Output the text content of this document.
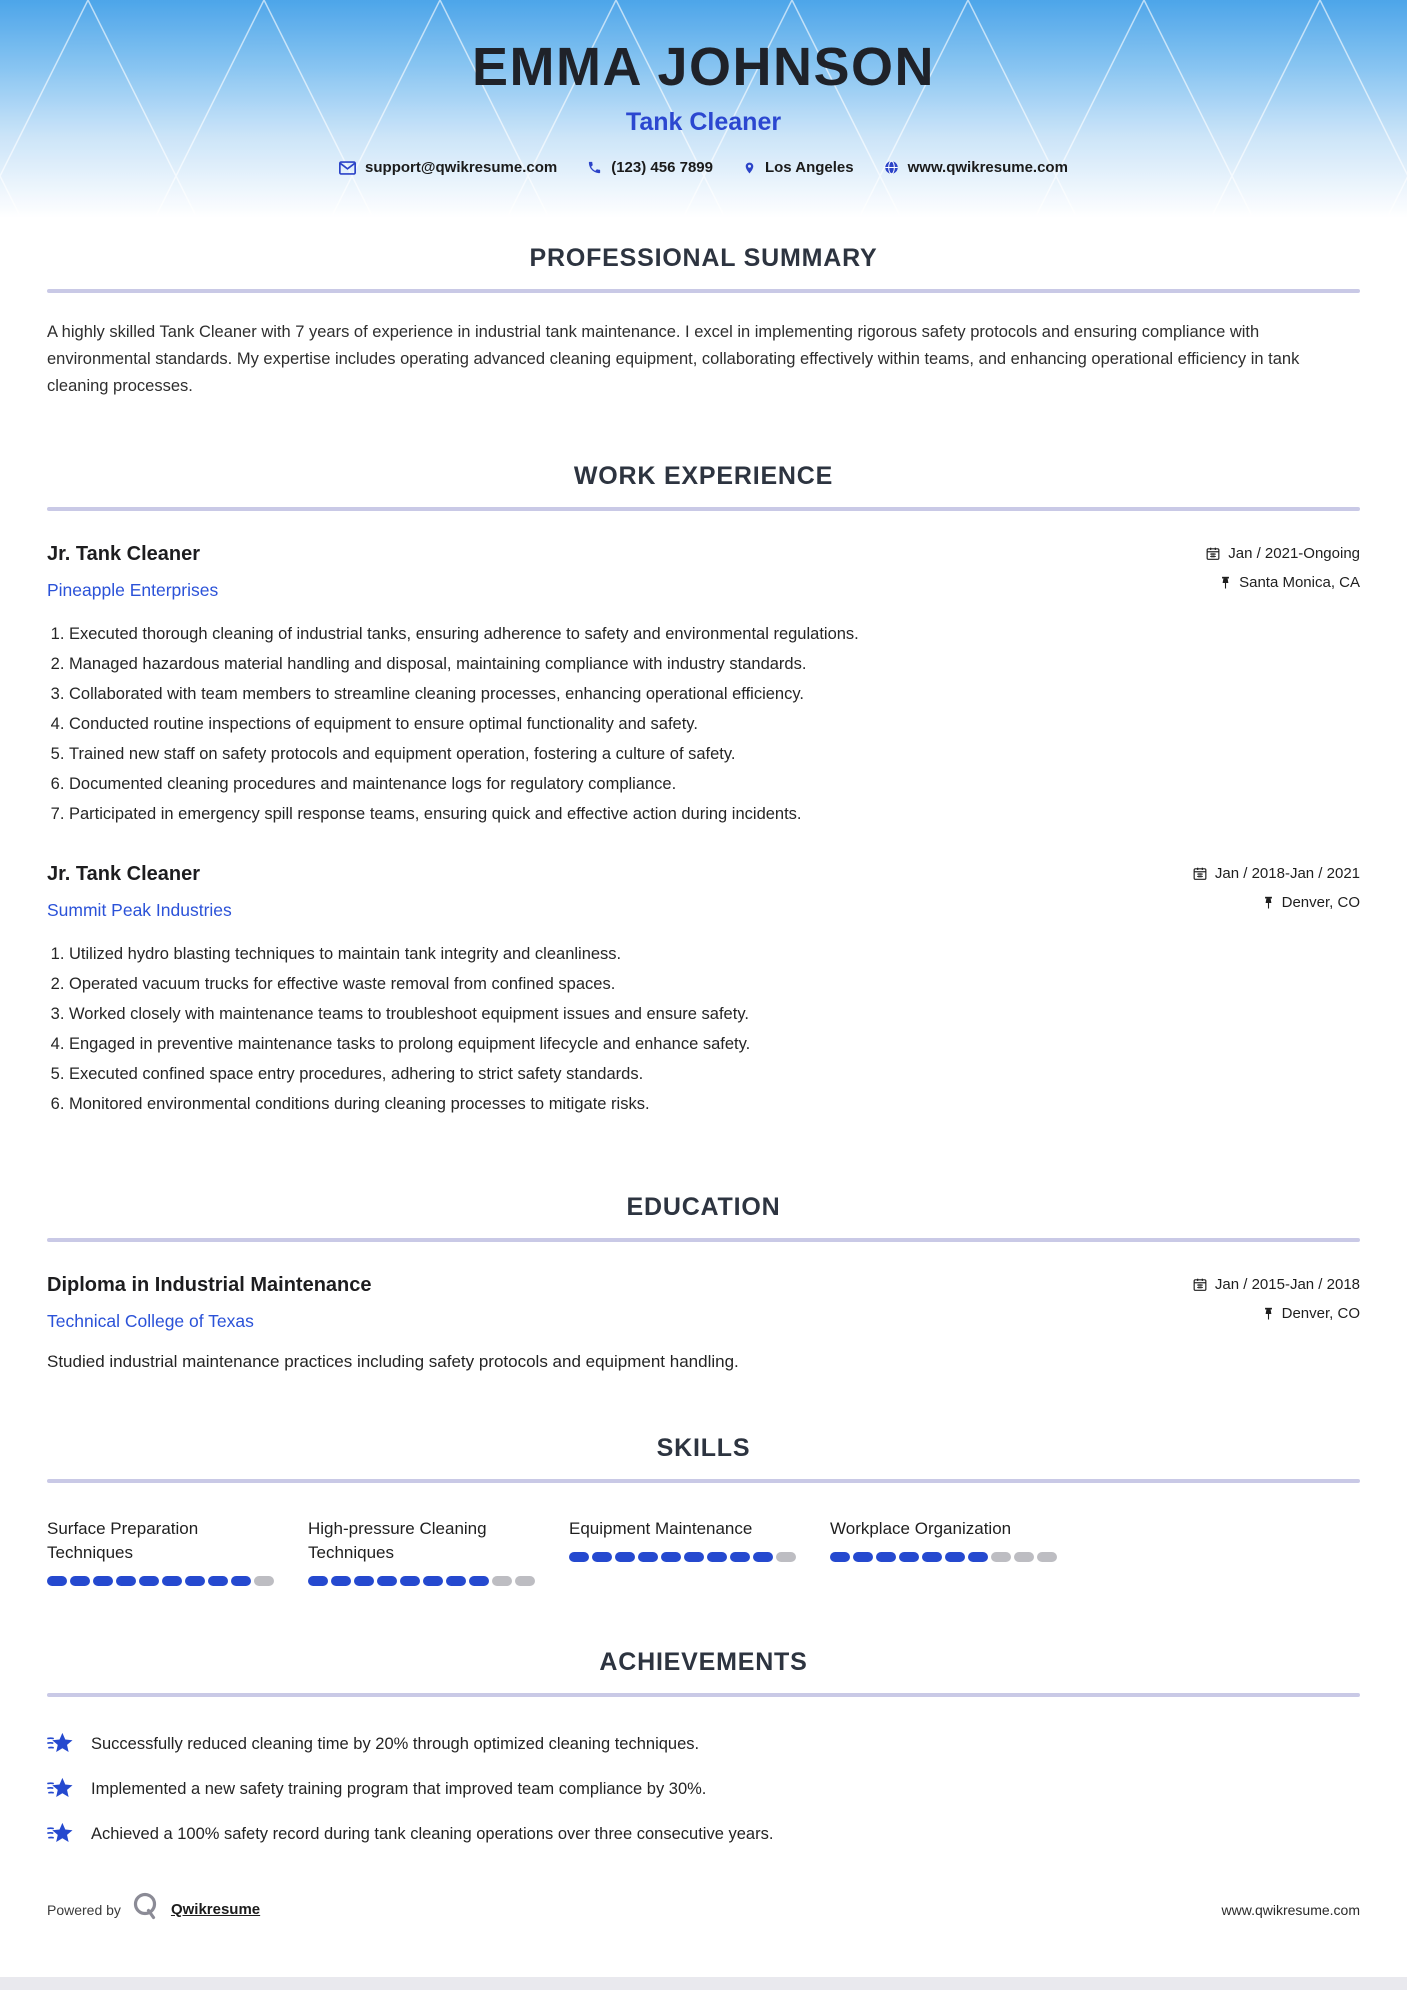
EMMA JOHNSON
Tank Cleaner
support@qwikresume.com	(123) 456 7899	Los Angeles	www.qwikresume.com
PROFESSIONAL SUMMARY

A highly skilled Tank Cleaner with 7 years of experience in industrial tank maintenance. I excel in implementing rigorous safety protocols and ensuring compliance with environmental standards. My expertise includes operating advanced cleaning equipment, collaborating effectively within teams, and enhancing operational efficiency in tank cleaning processes.

WORK EXPERIENCE
Jr. Tank Cleaner
Pineapple Enterprises
Jan / 2021-Ongoing
Santa Monica, CA
1. Executed thorough cleaning of industrial tanks, ensuring adherence to safety and environmental regulations.
2. Managed hazardous material handling and disposal, maintaining compliance with industry standards.
3. Collaborated with team members to streamline cleaning processes, enhancing operational efficiency.
4. Conducted routine inspections of equipment to ensure optimal functionality and safety.
5. Trained new staff on safety protocols and equipment operation, fostering a culture of safety.
6. Documented cleaning procedures and maintenance logs for regulatory compliance.
7. Participated in emergency spill response teams, ensuring quick and effective action during incidents.
Jr. Tank Cleaner
Summit Peak Industries
Jan / 2018-Jan / 2021
Denver, CO
1. Utilized hydro blasting techniques to maintain tank integrity and cleanliness.
2. Operated vacuum trucks for effective waste removal from confined spaces.
3. Worked closely with maintenance teams to troubleshoot equipment issues and ensure safety.
4. Engaged in preventive maintenance tasks to prolong equipment lifecycle and enhance safety.
5. Executed confined space entry procedures, adhering to strict safety standards.
6. Monitored environmental conditions during cleaning processes to mitigate risks.
EDUCATION
Diploma in Industrial Maintenance
Technical College of Texas
Jan / 2015-Jan / 2018
Denver, CO

Studied industrial maintenance practices including safety protocols and equipment handling.

SKILLS
Surface Preparation Techniques
High-pressure Cleaning Techniques
Equipment Maintenance	Workplace Organization
ACHIEVEMENTS
Successfully reduced cleaning time by 20% through optimized cleaning techniques.
Implemented a new safety training program that improved team compliance by 30%.
Achieved a 100% safety record during tank cleaning operations over three consecutive years.
Powered by	Qwikresume	www.qwikresume.com
